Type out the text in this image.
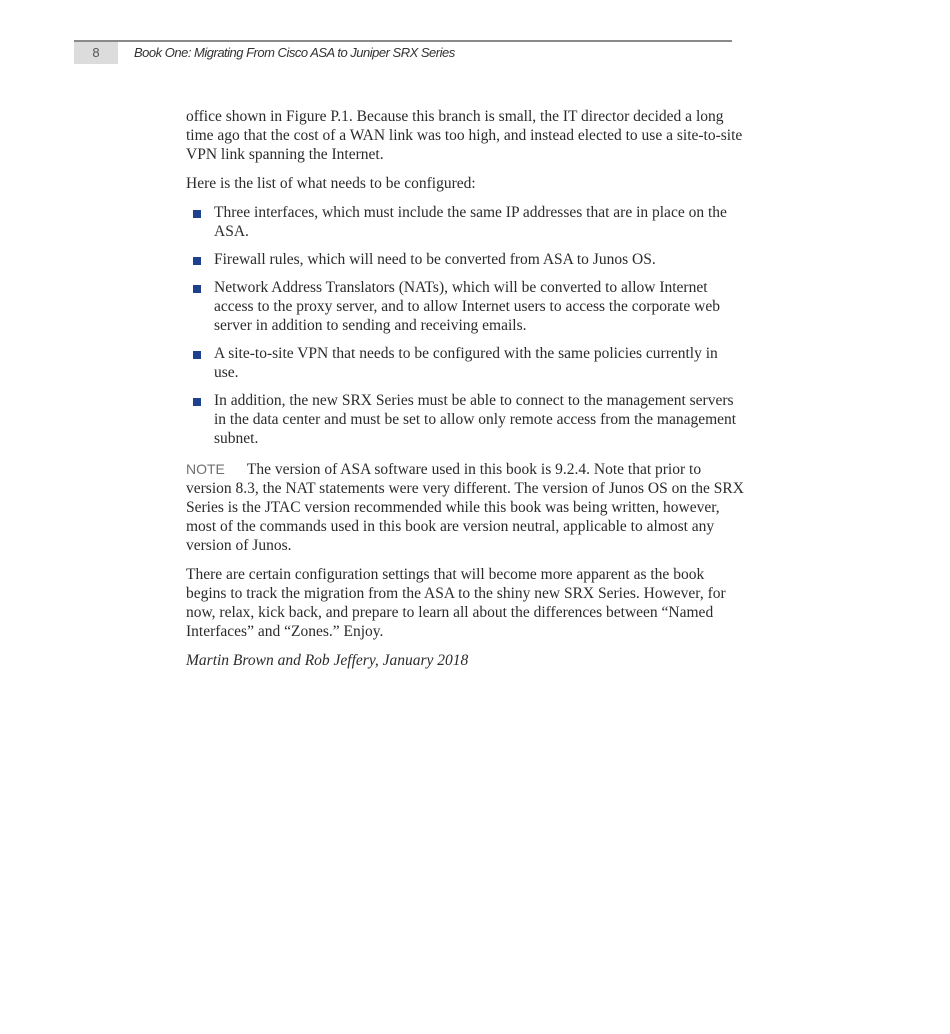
8	Book One: Migrating From Cisco ASA to Juniper SRX Series

office shown in Figure P.1. Because this branch is small, the IT director decided a long time ago that the cost of a WAN link was too high, and instead elected to use a site-to-site VPN link spanning the Internet.

Here is the list of what needs to be configured:

Three interfaces, which must include the same IP addresses that are in place on the ASA.
Firewall rules, which will need to be converted from ASA to Junos OS.
Network Address Translators (NATs), which will be converted to allow Internet access to the proxy server, and to allow Internet users to access the corporate web server in addition to sending and receiving emails.
A site-to-site VPN that needs to be configured with the same policies currently in use.
In addition, the new SRX Series must be able to connect to the management servers in the data center and must be set to allow only remote access from the management subnet.

NOTE The version of ASA software used in this book is 9.2.4. Note that prior to version 8.3, the NAT statements were very different. The version of Junos OS on the SRX Series is the JTAC version recommended while this book was being written, however, most of the commands used in this book are version neutral, applicable to almost any version of Junos.

There are certain configuration settings that will become more apparent as the book begins to track the migration from the ASA to the shiny new SRX Series. However, for now, relax, kick back, and prepare to learn all about the differences between “Named Interfaces” and “Zones.” Enjoy.

Martin Brown and Rob Jeffery, January 2018
